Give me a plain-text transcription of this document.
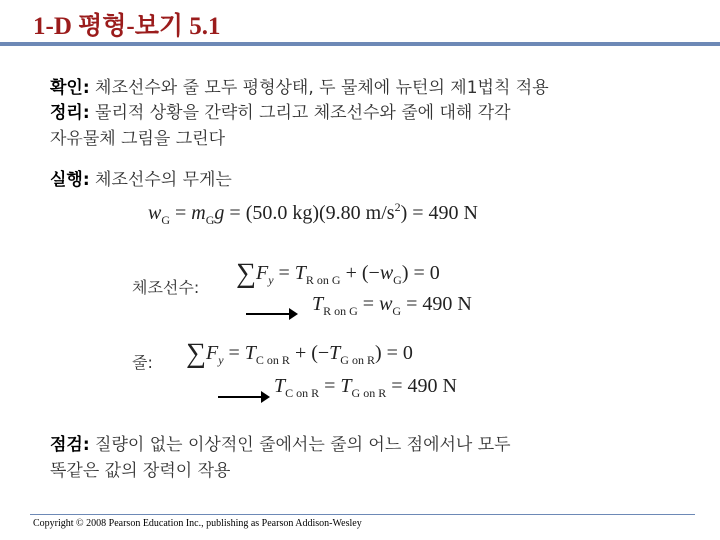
1-D 평형-보기 5.1
확인: 체조선수와 줄 모두 평형상태, 두 물체에 뉴턴의 제1법칙 적용
정리: 물리적 상황을 간략히 그리고 체조선수와 줄에 대해 각각
자유물체 그림을 그린다
실행: 체조선수의 무게는
$w_G = m_Gg = (50.0$ kg)(9.80 $m/s^2) = 490$ N
체조선수: $\sum F_y = T_{R on G} + (-w_G) = 0$
$T_{R on G} = w_G = 490$ N
줄: $\sum F_y = T_{C on R} + (-T_{G on R}) = 0$
$T_{C on R} = T_{G on R} = 490$ N
점검: 질량이 없는 이상적인 줄에서는 줄의 어느 점에서나 모두
똑같은 값의 장력이 작용
Copyright © 2008 Pearson Education Inc., publishing as Pearson Addison-Wesley
